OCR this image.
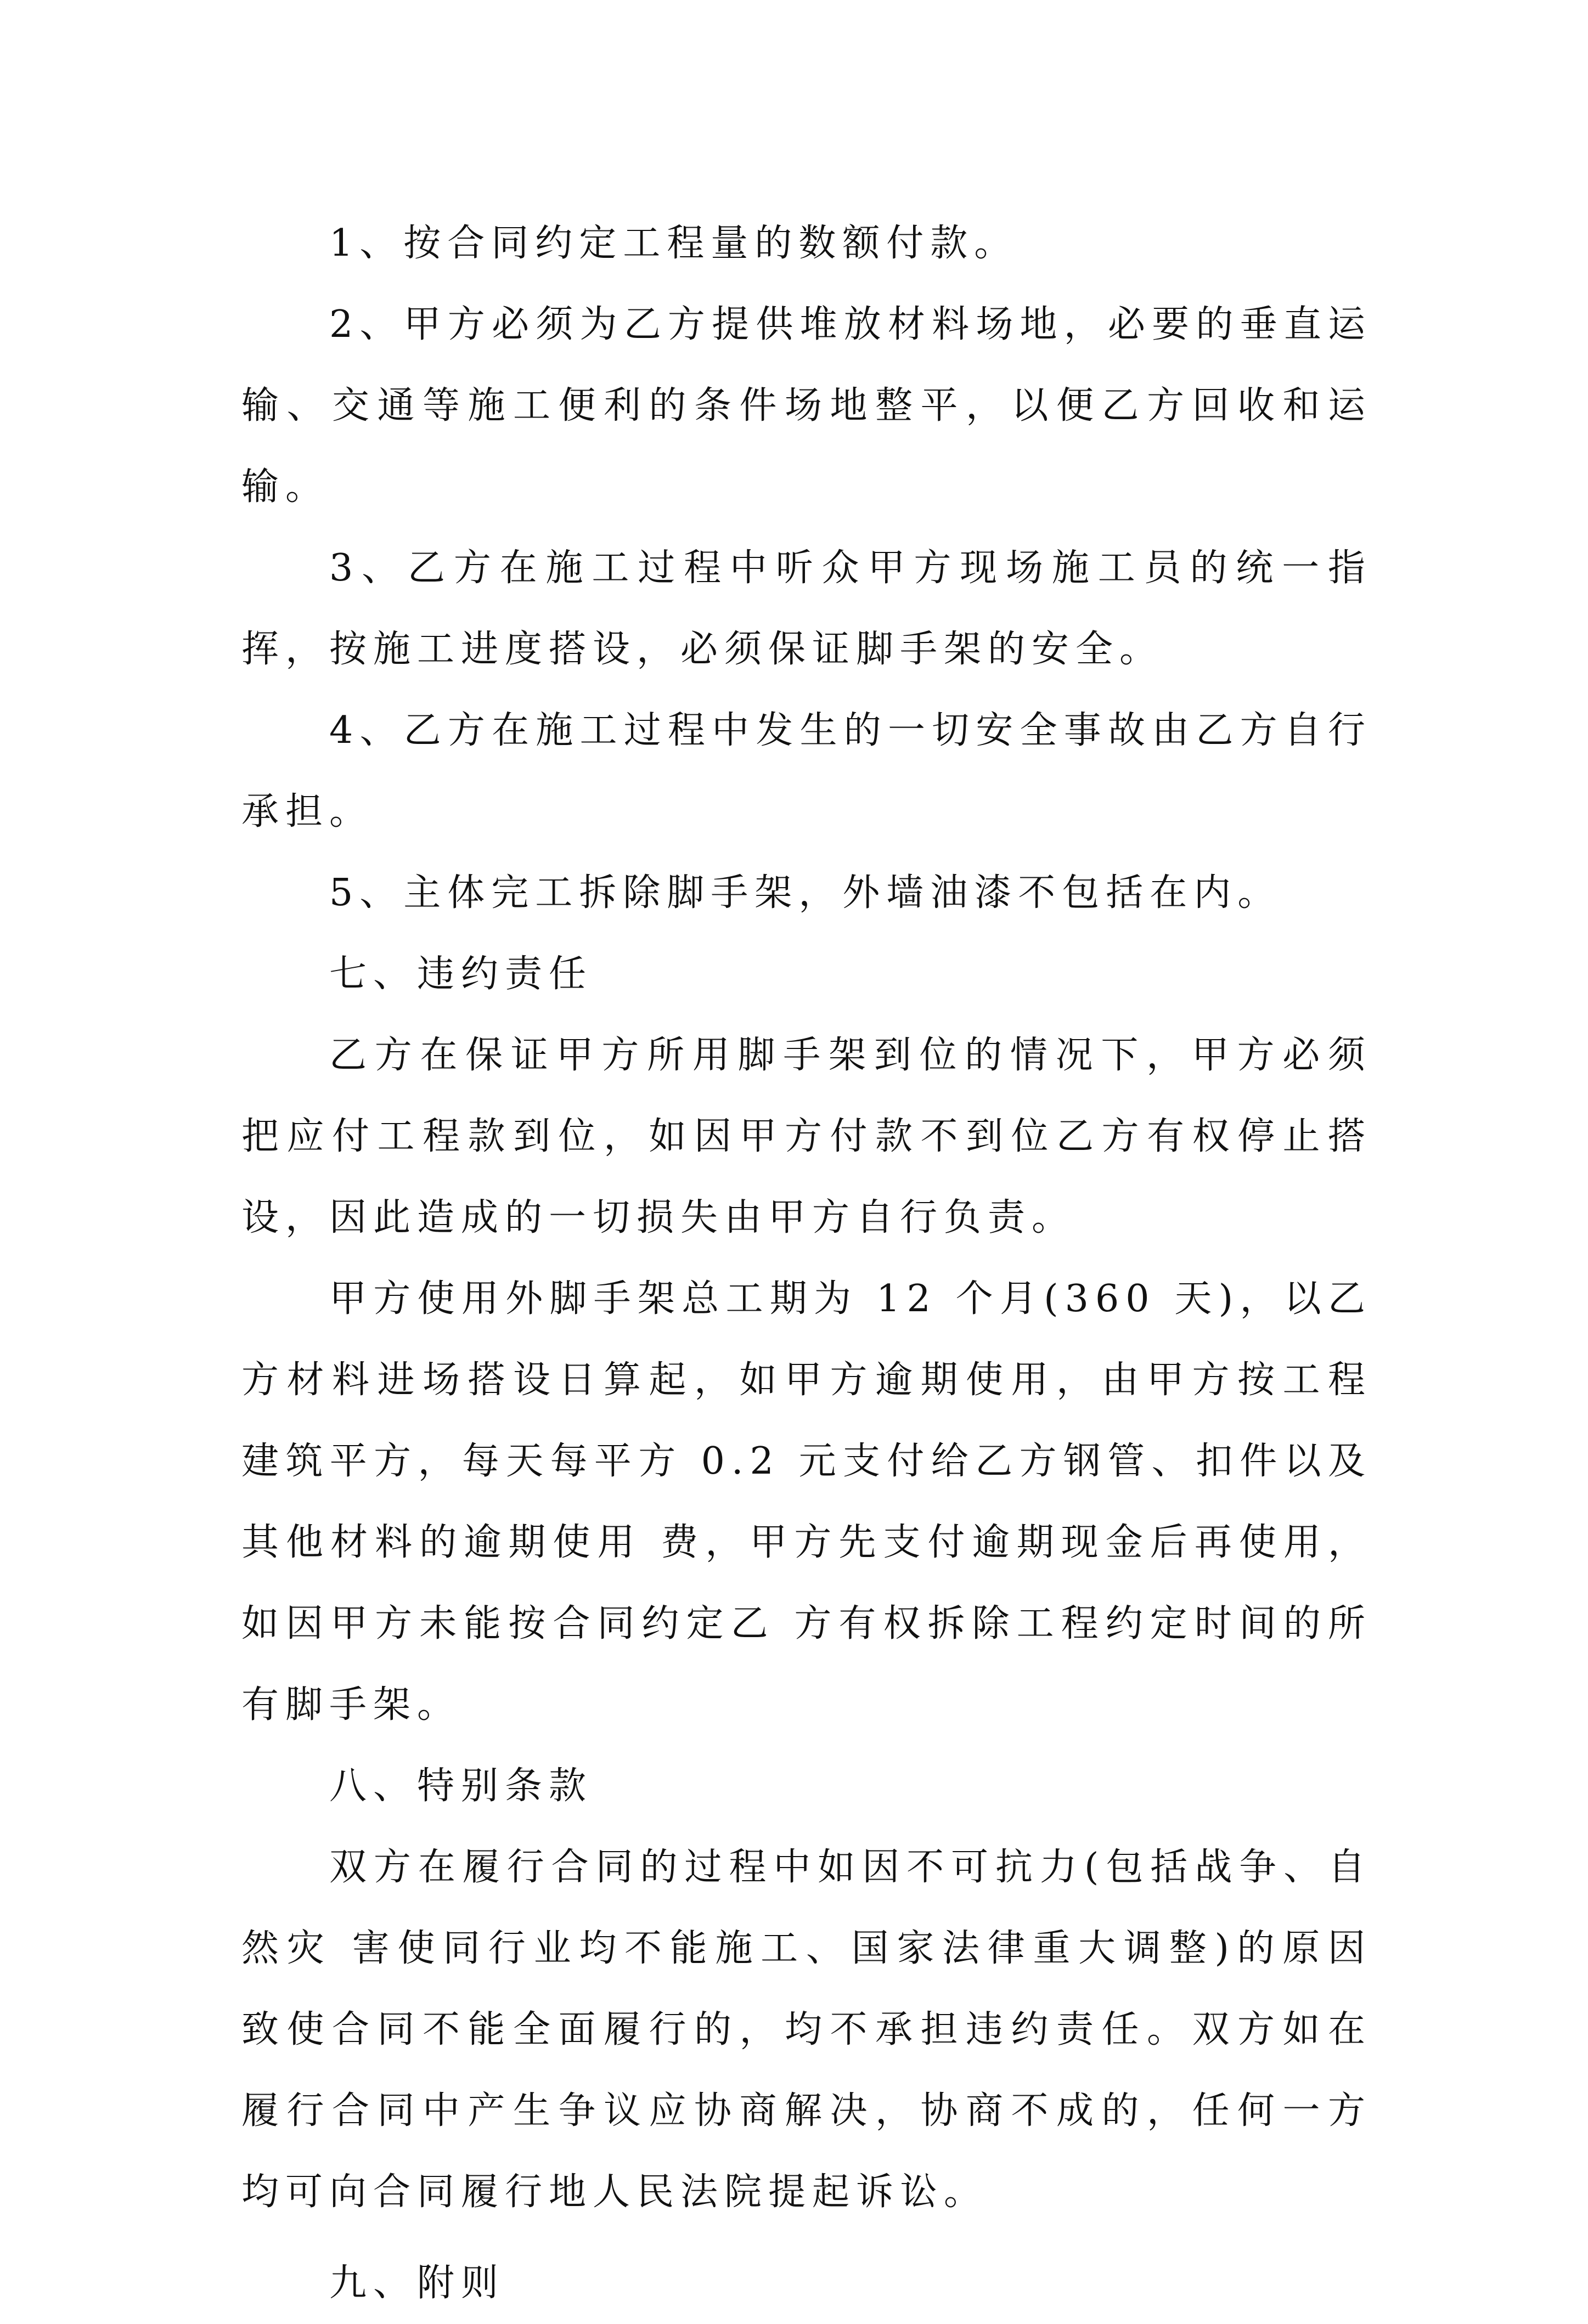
1、按合同约定工程量的数额付款。

2、甲方必须为乙方提供堆放材料场地，必要的垂直运输、交通等施工便利的条件场地整平，以便乙方回收和运输。

3、乙方在施工过程中听众甲方现场施工员的统一指挥，按施工进度搭设，必须保证脚手架的安全。

4、乙方在施工过程中发生的一切安全事故由乙方自行承担。

5、主体完工拆除脚手架，外墙油漆不包括在内。

七、违约责任

乙方在保证甲方所用脚手架到位的情况下，甲方必须把应付工程款到位，如因甲方付款不到位乙方有权停止搭设，因此造成的一切损失由甲方自行负责。

甲方使用外脚手架总工期为 12 个月(360 天)，以乙方材料进场搭设日算起，如甲方逾期使用，由甲方按工程建筑平方，每天每平方 0.2 元支付给乙方钢管、扣件以及其他材料的逾期使用 费，甲方先支付逾期现金后再使用，如因甲方未能按合同约定乙 方有权拆除工程约定时间的所有脚手架。

八、特别条款

双方在履行合同的过程中如因不可抗力(包括战争、自然灾 害使同行业均不能施工、国家法律重大调整)的原因致使合同不能全面履行的，均不承担违约责任。双方如在履行合同中产生争议应协商解决，协商不成的，任何一方均可向合同履行地人民法院提起诉讼。

九、附则
